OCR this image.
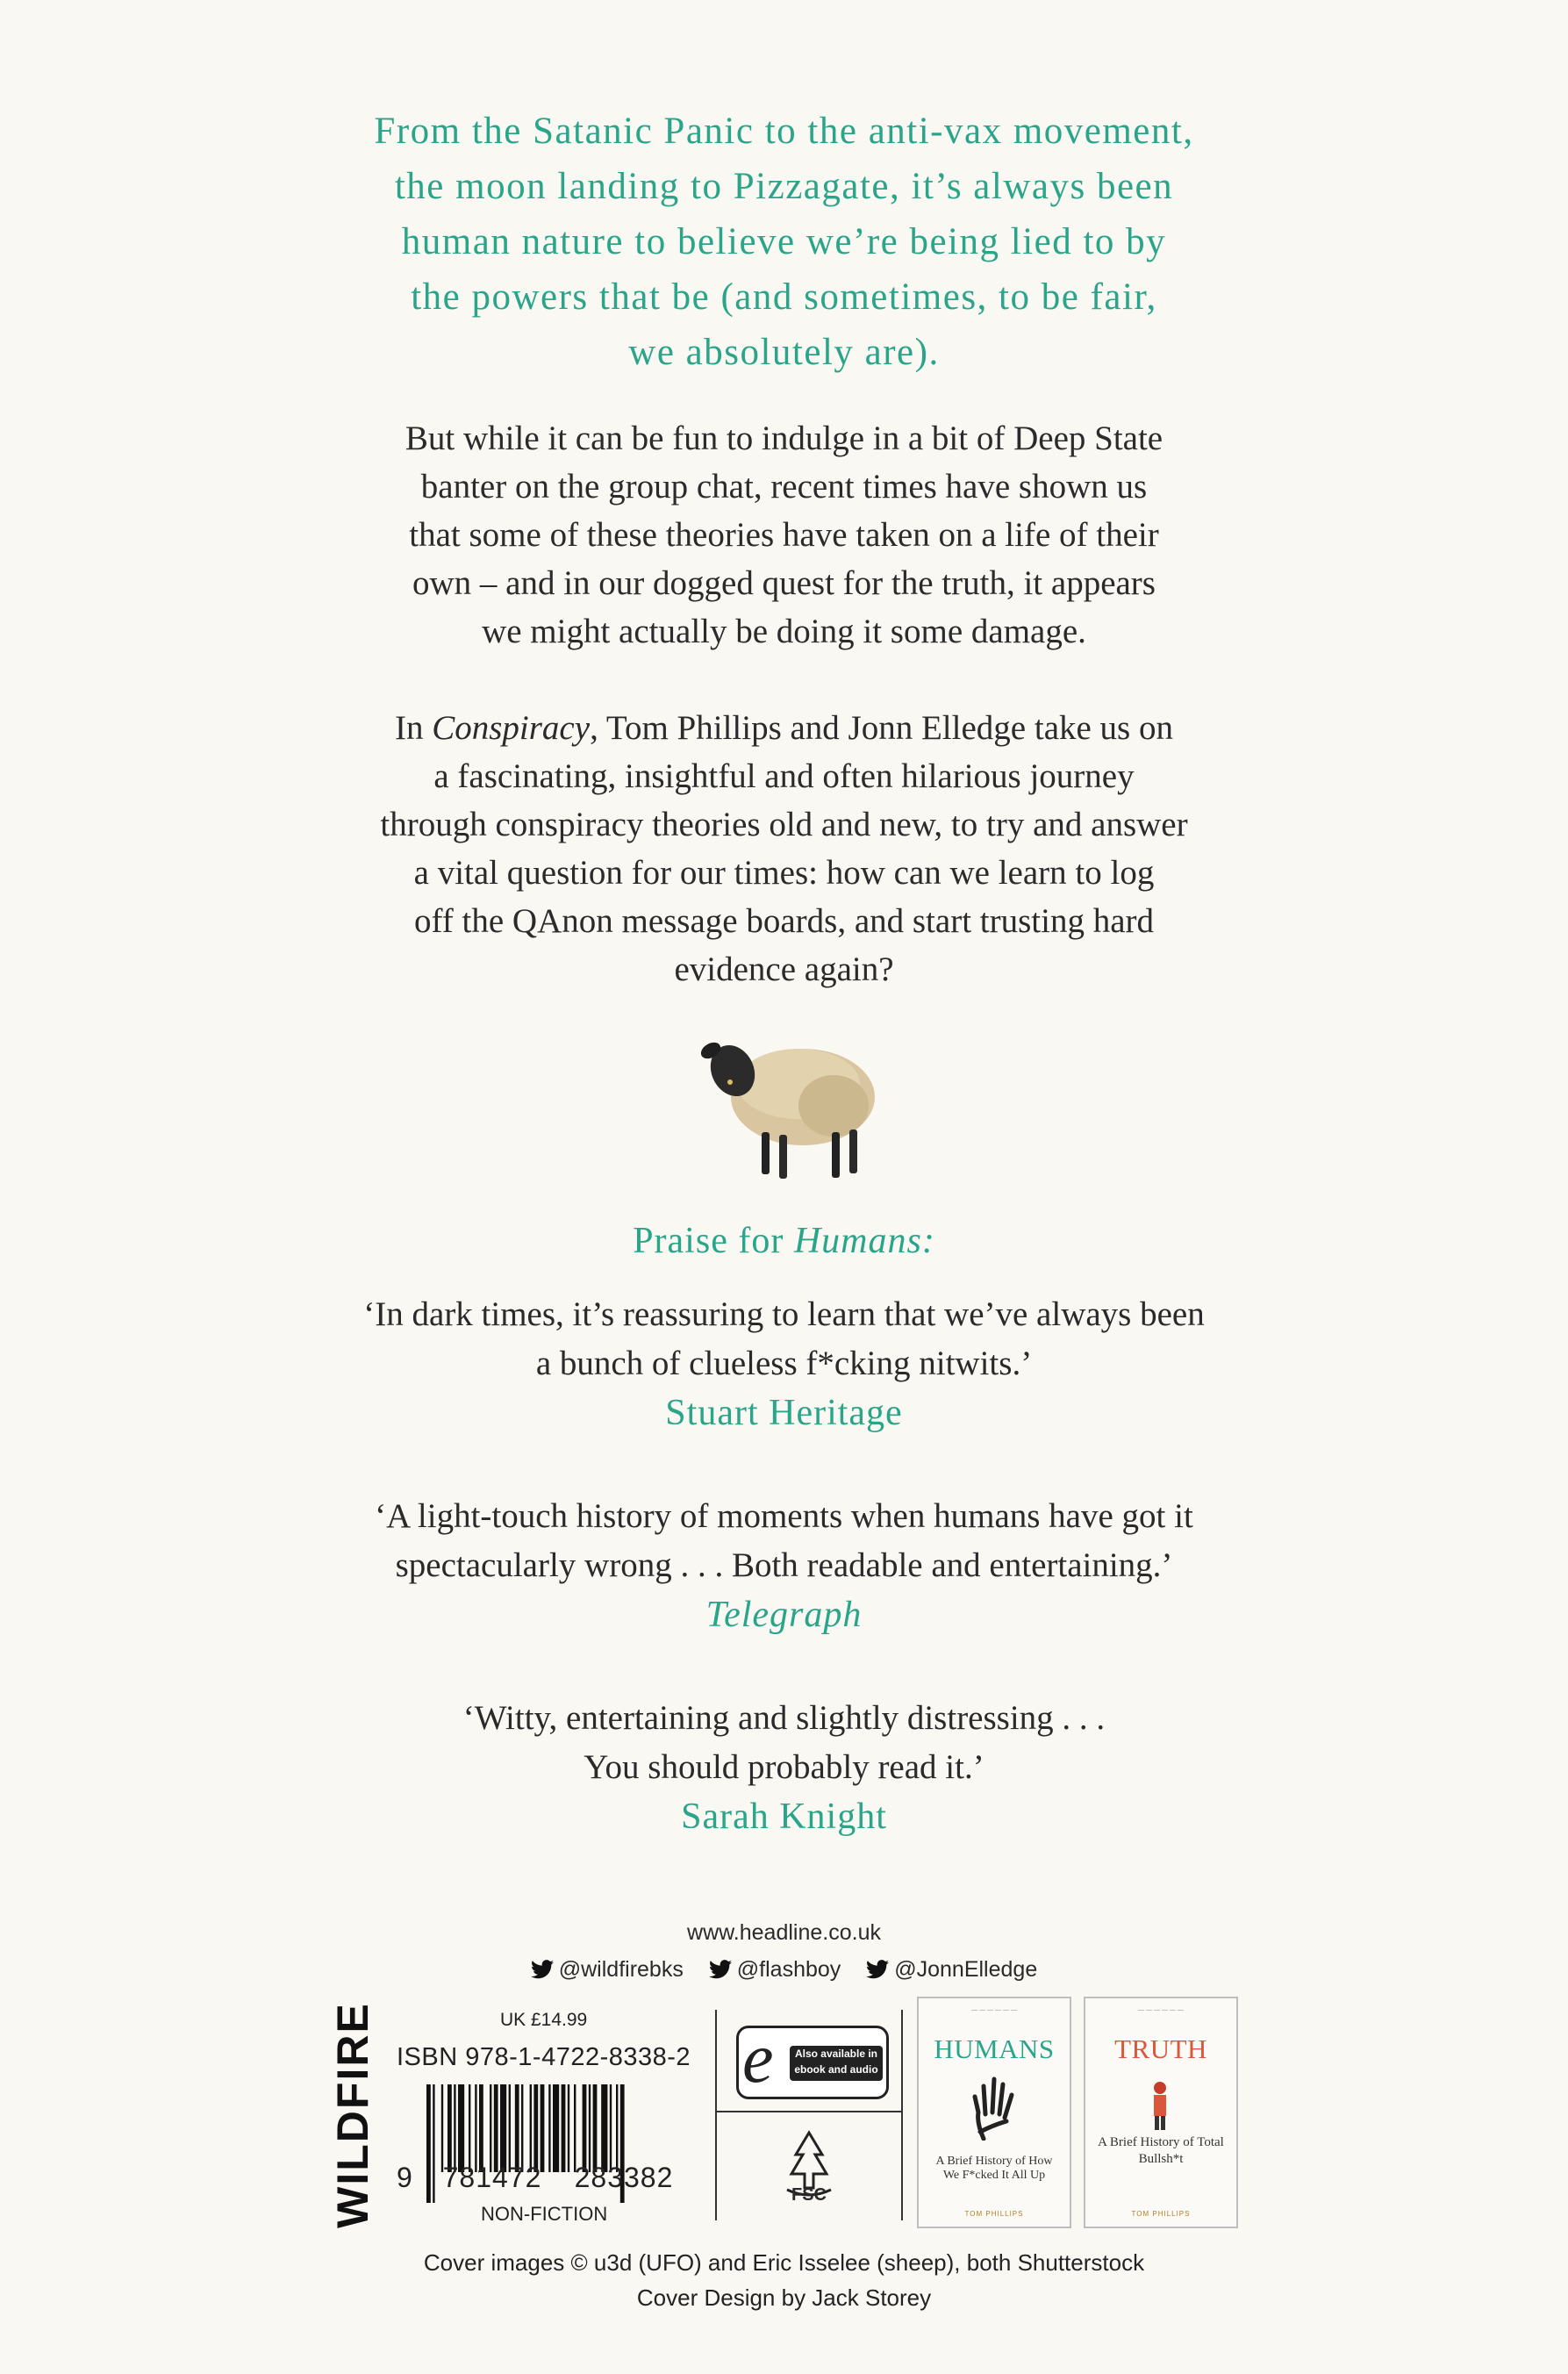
From the Satanic Panic to the anti-vax movement,
the moon landing to Pizzagate, it’s always been
human nature to believe we’re being lied to by
the powers that be (and sometimes, to be fair,
we absolutely are).
But while it can be fun to indulge in a bit of Deep State
banter on the group chat, recent times have shown us
that some of these theories have taken on a life of their
own – and in our dogged quest for the truth, it appears
we might actually be doing it some damage.
In Conspiracy, Tom Phillips and Jonn Elledge take us on
a fascinating, insightful and often hilarious journey
through conspiracy theories old and new, to try and answer
a vital question for our times: how can we learn to log
off the QAnon message boards, and start trusting hard
evidence again?
Praise for Humans:
‘In dark times, it’s reassuring to learn that we’ve always been
a bunch of clueless f*cking nitwits.’
Stuart Heritage
‘A light-touch history of moments when humans have got it
spectacularly wrong . . . Both readable and entertaining.’
Telegraph
‘Witty, entertaining and slightly distressing . . .
You should probably read it.’
Sarah Knight
www.headline.co.uk
@wildfirebks @flashboy @JonnElledge
WILDFIRE	UK £14.99
ISBN 978-1-4722-8338-2
9 781472 283382
NON-FICTION
e	Also available in ebook and audio
FSC
— — — — — —
HUMANS
A Brief History of How We F*cked It All Up
TOM PHILLIPS
— — — — — —
TRUTH
A Brief History of Total Bullsh*t
TOM PHILLIPS
Cover images © u3d (UFO) and Eric Isselee (sheep), both Shutterstock
Cover Design by Jack Storey
